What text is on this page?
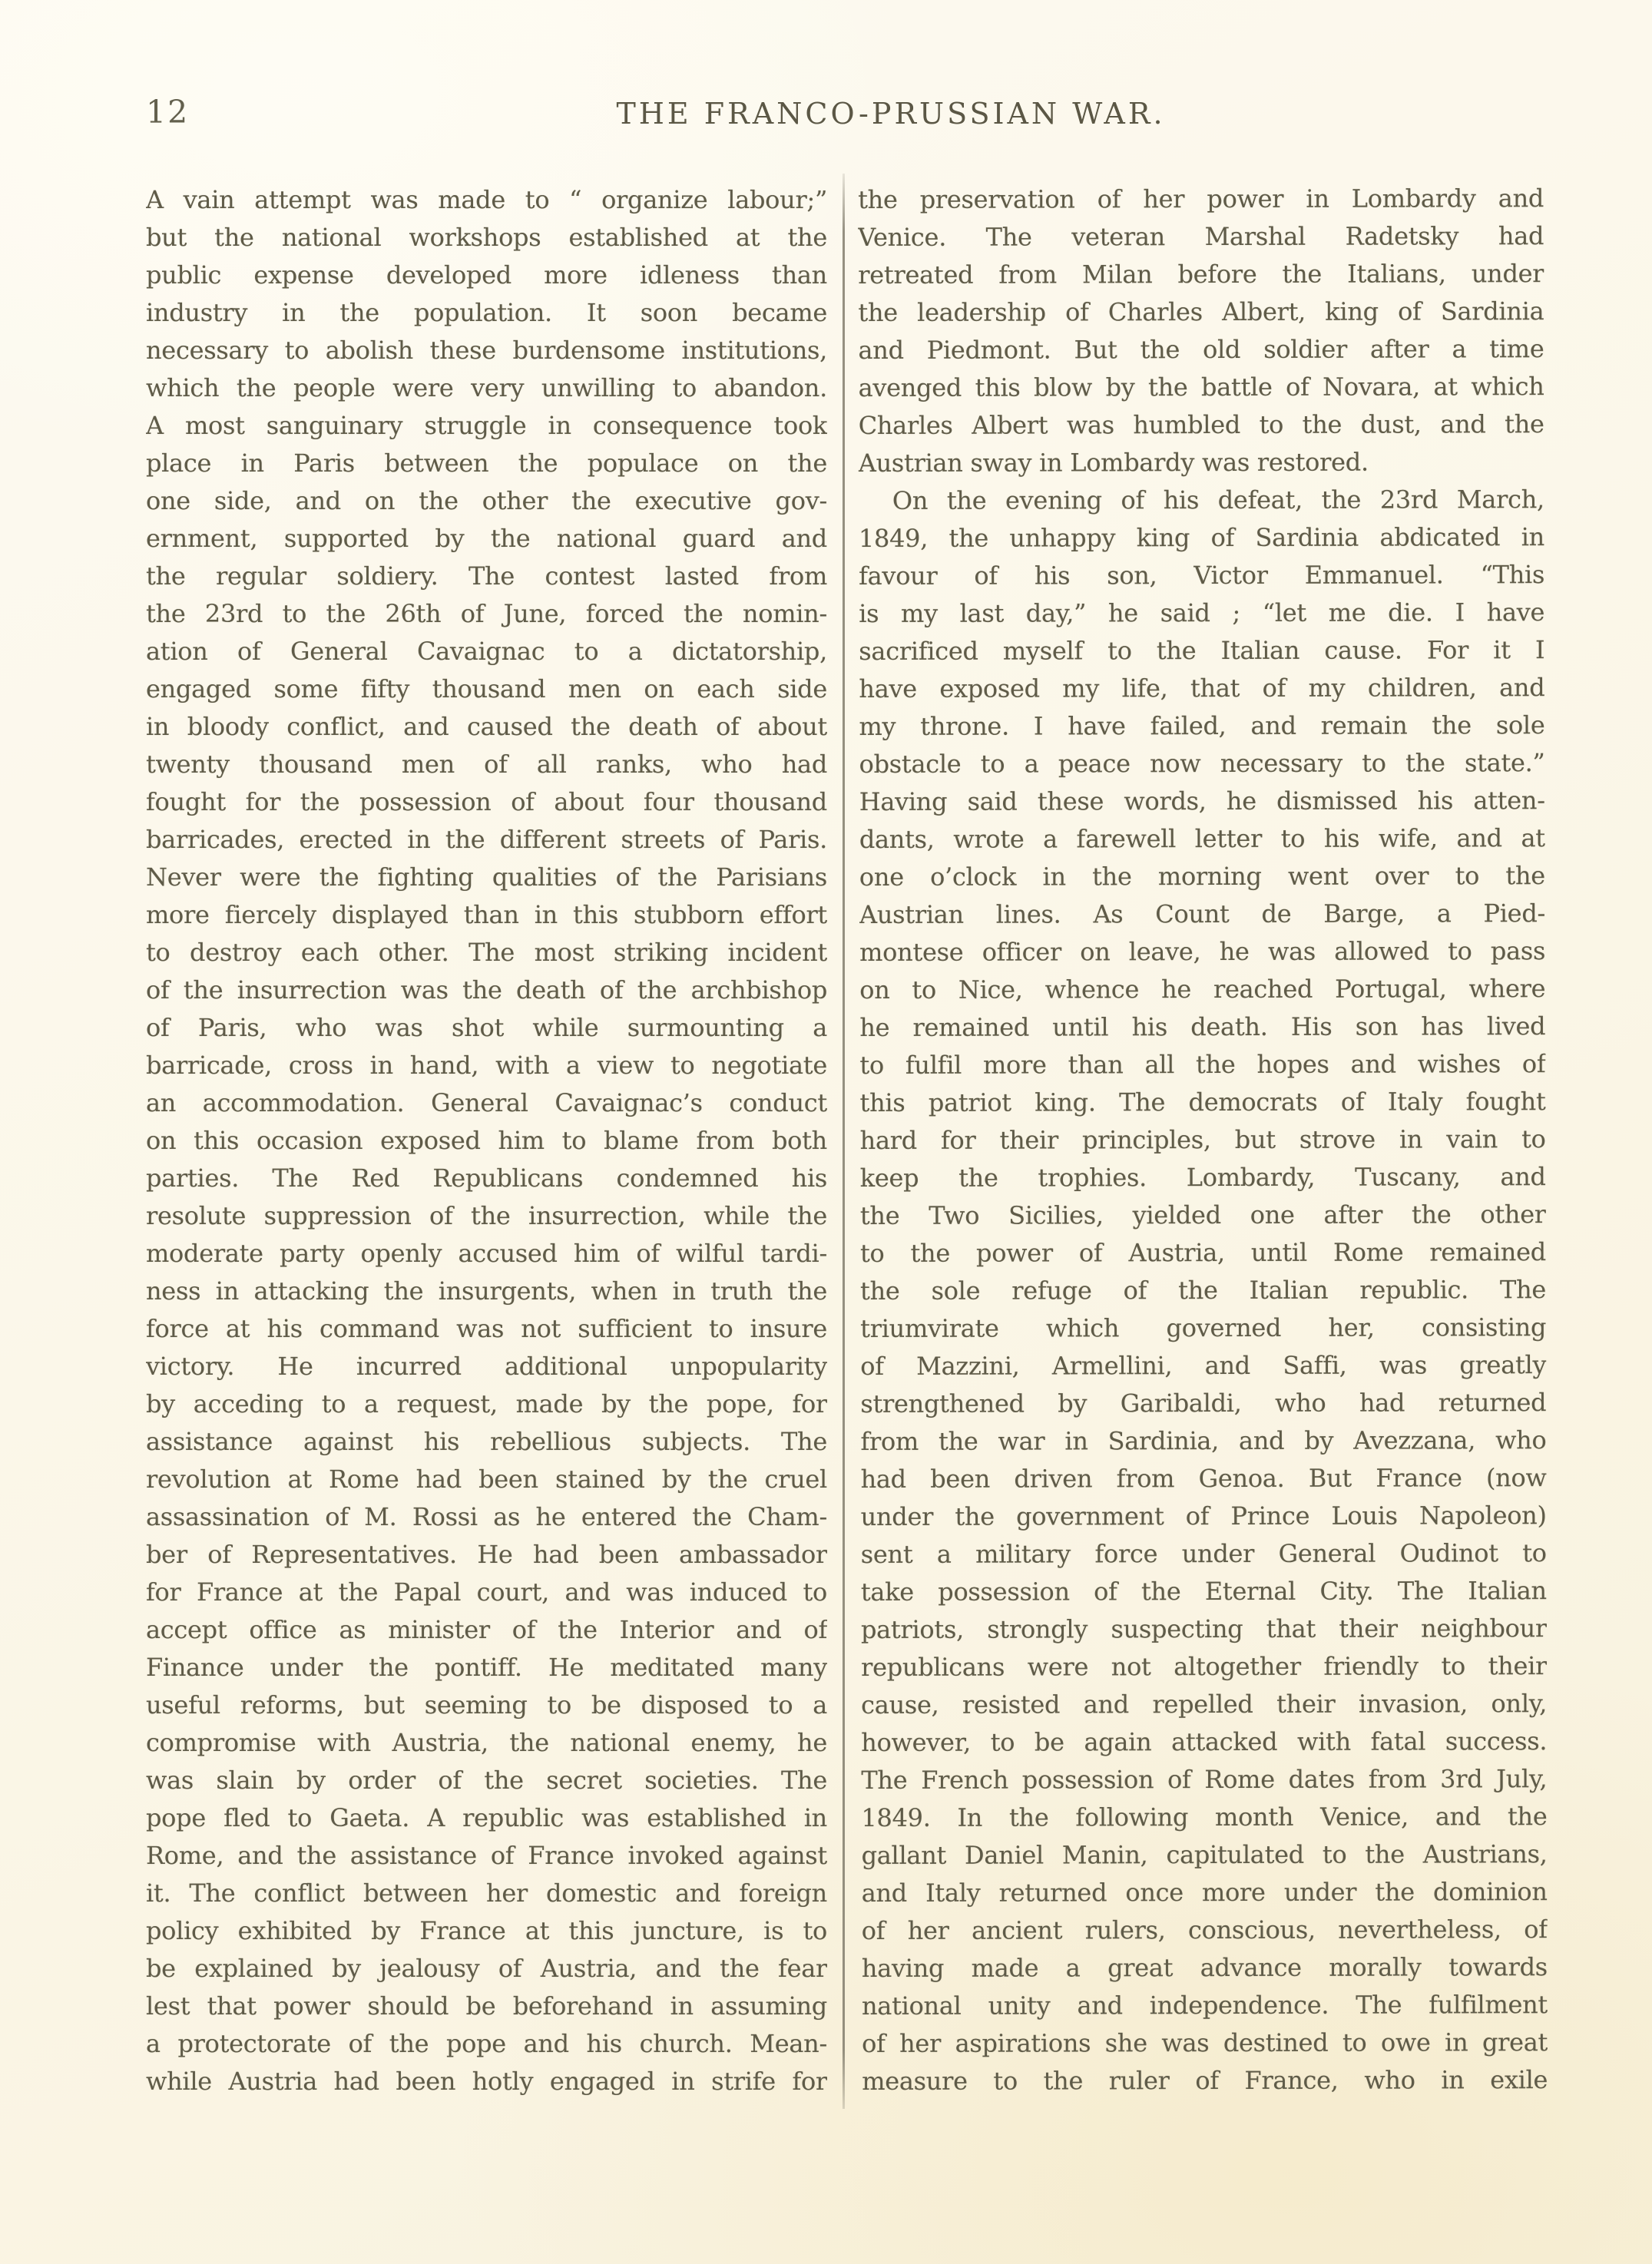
12	THE FRANCO-PRUSSIAN WAR.
A vain attempt was made to “ organize labour;”
but the national workshops established at the
public expense developed more idleness than
industry in the population. It soon became
necessary to abolish these burdensome institutions,
which the people were very unwilling to abandon.
A most sanguinary struggle in consequence took
place in Paris between the populace on the
one side, and on the other the executive gov-
ernment, supported by the national guard and
the regular soldiery. The contest lasted from
the 23rd to the 26th of June, forced the nomin-
ation of General Cavaignac to a dictatorship,
engaged some fifty thousand men on each side
in bloody conflict, and caused the death of about
twenty thousand men of all ranks, who had
fought for the possession of about four thousand
barricades, erected in the different streets of Paris.
Never were the fighting qualities of the Parisians
more fiercely displayed than in this stubborn effort
to destroy each other. The most striking incident
of the insurrection was the death of the archbishop
of Paris, who was shot while surmounting a
barricade, cross in hand, with a view to negotiate
an accommodation. General Cavaignac’s conduct
on this occasion exposed him to blame from both
parties. The Red Republicans condemned his
resolute suppression of the insurrection, while the
moderate party openly accused him of wilful tardi-
ness in attacking the insurgents, when in truth the
force at his command was not sufficient to insure
victory. He incurred additional unpopularity
by acceding to a request, made by the pope, for
assistance against his rebellious subjects. The
revolution at Rome had been stained by the cruel
assassination of M. Rossi as he entered the Cham-
ber of Representatives. He had been ambassador
for France at the Papal court, and was induced to
accept office as minister of the Interior and of
Finance under the pontiff. He meditated many
useful reforms, but seeming to be disposed to a
compromise with Austria, the national enemy, he
was slain by order of the secret societies. The
pope fled to Gaeta. A republic was established in
Rome, and the assistance of France invoked against
it. The conflict between her domestic and foreign
policy exhibited by France at this juncture, is to
be explained by jealousy of Austria, and the fear
lest that power should be beforehand in assuming
a protectorate of the pope and his church. Mean-
while Austria had been hotly engaged in strife for
the preservation of her power in Lombardy and
Venice. The veteran Marshal Radetsky had
retreated from Milan before the Italians, under
the leadership of Charles Albert, king of Sardinia
and Piedmont. But the old soldier after a time
avenged this blow by the battle of Novara, at which
Charles Albert was humbled to the dust, and the
Austrian sway in Lombardy was restored.
On the evening of his defeat, the 23rd March,
1849, the unhappy king of Sardinia abdicated in
favour of his son, Victor Emmanuel. “This
is my last day,” he said ; “let me die. I have
sacrificed myself to the Italian cause. For it I
have exposed my life, that of my children, and
my throne. I have failed, and remain the sole
obstacle to a peace now necessary to the state.”
Having said these words, he dismissed his atten-
dants, wrote a farewell letter to his wife, and at
one o’clock in the morning went over to the
Austrian lines. As Count de Barge, a Pied-
montese officer on leave, he was allowed to pass
on to Nice, whence he reached Portugal, where
he remained until his death. His son has lived
to fulfil more than all the hopes and wishes of
this patriot king. The democrats of Italy fought
hard for their principles, but strove in vain to
keep the trophies. Lombardy, Tuscany, and
the Two Sicilies, yielded one after the other
to the power of Austria, until Rome remained
the sole refuge of the Italian republic. The
triumvirate which governed her, consisting
of Mazzini, Armellini, and Saffi, was greatly
strengthened by Garibaldi, who had returned
from the war in Sardinia, and by Avezzana, who
had been driven from Genoa. But France (now
under the government of Prince Louis Napoleon)
sent a military force under General Oudinot to
take possession of the Eternal City. The Italian
patriots, strongly suspecting that their neighbour
republicans were not altogether friendly to their
cause, resisted and repelled their invasion, only,
however, to be again attacked with fatal success.
The French possession of Rome dates from 3rd July,
1849. In the following month Venice, and the
gallant Daniel Manin, capitulated to the Austrians,
and Italy returned once more under the dominion
of her ancient rulers, conscious, nevertheless, of
having made a great advance morally towards
national unity and independence. The fulfilment
of her aspirations she was destined to owe in great
measure to the ruler of France, who in exile
